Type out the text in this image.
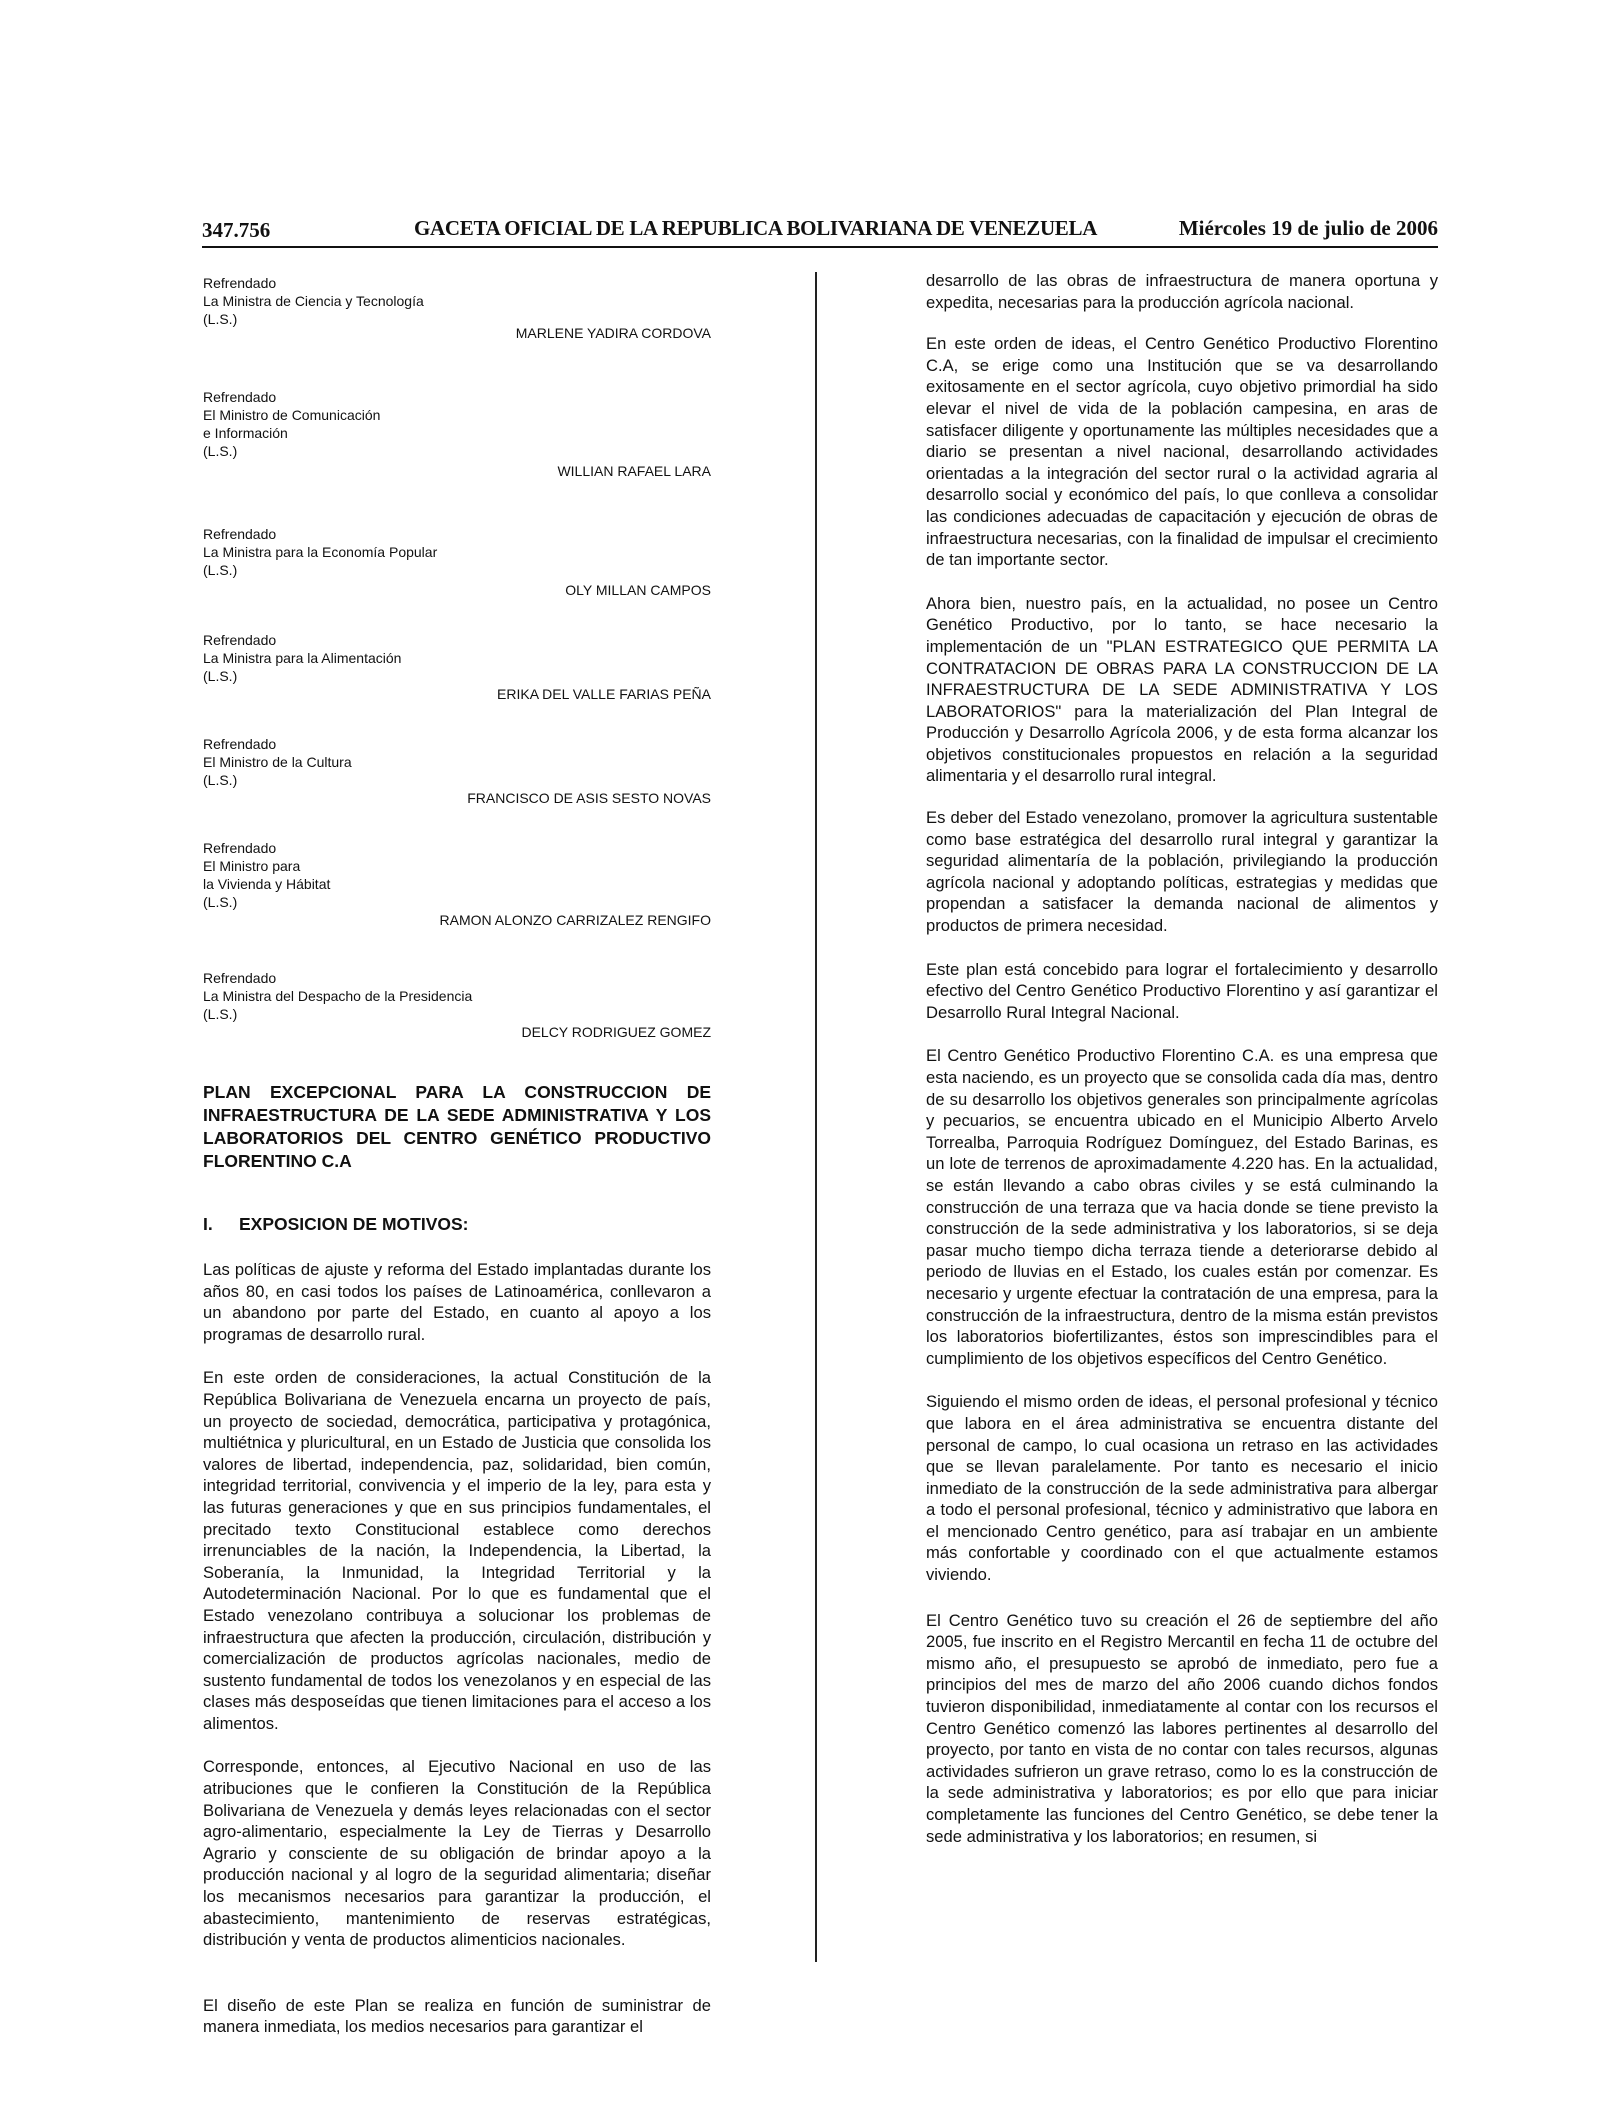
347.756	GACETA OFICIAL DE LA REPUBLICA BOLIVARIANA DE VENEZUELA	Miércoles 19 de julio de 2006
Refrendado
La Ministra de Ciencia y Tecnología
(L.S.)
MARLENE YADIRA CORDOVA
Refrendado
El Ministro de Comunicación
e Información
(L.S.)
WILLIAN RAFAEL LARA
Refrendado
La Ministra para la Economía Popular
(L.S.)
OLY MILLAN CAMPOS
Refrendado
La Ministra para la Alimentación
(L.S.)
ERIKA DEL VALLE FARIAS PEÑA
Refrendado
El Ministro de la Cultura
(L.S.)
FRANCISCO DE ASIS SESTO NOVAS
Refrendado
El Ministro para
la Vivienda y Hábitat
(L.S.)
RAMON ALONZO CARRIZALEZ RENGIFO
Refrendado
La Ministra del Despacho de la Presidencia
(L.S.)
DELCY RODRIGUEZ GOMEZ
PLAN EXCEPCIONAL PARA LA CONSTRUCCION DE INFRAESTRUCTURA DE LA SEDE ADMINISTRATIVA Y LOS LABORATORIOS DEL CENTRO GENÉTICO PRODUCTIVO FLORENTINO C.A
I. EXPOSICION DE MOTIVOS:
Las políticas de ajuste y reforma del Estado implantadas durante los años 80, en casi todos los países de Latinoamérica, conllevaron a un abandono por parte del Estado, en cuanto al apoyo a los programas de desarrollo rural.
En este orden de consideraciones, la actual Constitución de la República Bolivariana de Venezuela encarna un proyecto de país, un proyecto de sociedad, democrática, participativa y protagónica, multiétnica y pluricultural, en un Estado de Justicia que consolida los valores de libertad, independencia, paz, solidaridad, bien común, integridad territorial, convivencia y el imperio de la ley, para esta y las futuras generaciones y que en sus principios fundamentales, el precitado texto Constitucional establece como derechos irrenunciables de la nación, la Independencia, la Libertad, la Soberanía, la Inmunidad, la Integridad Territorial y la Autodeterminación Nacional. Por lo que es fundamental que el Estado venezolano contribuya a solucionar los problemas de infraestructura que afecten la producción, circulación, distribución y comercialización de productos agrícolas nacionales, medio de sustento fundamental de todos los venezolanos y en especial de las clases más desposeídas que tienen limitaciones para el acceso a los alimentos.
Corresponde, entonces, al Ejecutivo Nacional en uso de las atribuciones que le confieren la Constitución de la República Bolivariana de Venezuela y demás leyes relacionadas con el sector agro-alimentario, especialmente la Ley de Tierras y Desarrollo Agrario y consciente de su obligación de brindar apoyo a la producción nacional y al logro de la seguridad alimentaria; diseñar los mecanismos necesarios para garantizar la producción, el abastecimiento, mantenimiento de reservas estratégicas, distribución y venta de productos alimenticios nacionales.
El diseño de este Plan se realiza en función de suministrar de manera inmediata, los medios necesarios para garantizar el
desarrollo de las obras de infraestructura de manera oportuna y expedita, necesarias para la producción agrícola nacional.
En este orden de ideas, el Centro Genético Productivo Florentino C.A, se erige como una Institución que se va desarrollando exitosamente en el sector agrícola, cuyo objetivo primordial ha sido elevar el nivel de vida de la población campesina, en aras de satisfacer diligente y oportunamente las múltiples necesidades que a diario se presentan a nivel nacional, desarrollando actividades orientadas a la integración del sector rural o la actividad agraria al desarrollo social y económico del país, lo que conlleva a consolidar las condiciones adecuadas de capacitación y ejecución de obras de infraestructura necesarias, con la finalidad de impulsar el crecimiento de tan importante sector.
Ahora bien, nuestro país, en la actualidad, no posee un Centro Genético Productivo, por lo tanto, se hace necesario la implementación de un "PLAN ESTRATEGICO QUE PERMITA LA CONTRATACION DE OBRAS PARA LA CONSTRUCCION DE LA INFRAESTRUCTURA DE LA SEDE ADMINISTRATIVA Y LOS LABORATORIOS" para la materialización del Plan Integral de Producción y Desarrollo Agrícola 2006, y de esta forma alcanzar los objetivos constitucionales propuestos en relación a la seguridad alimentaria y el desarrollo rural integral.
Es deber del Estado venezolano, promover la agricultura sustentable como base estratégica del desarrollo rural integral y garantizar la seguridad alimentaría de la población, privilegiando la producción agrícola nacional y adoptando políticas, estrategias y medidas que propendan a satisfacer la demanda nacional de alimentos y productos de primera necesidad.
Este plan está concebido para lograr el fortalecimiento y desarrollo efectivo del Centro Genético Productivo Florentino y así garantizar el Desarrollo Rural Integral Nacional.
El Centro Genético Productivo Florentino C.A. es una empresa que esta naciendo, es un proyecto que se consolida cada día mas, dentro de su desarrollo los objetivos generales son principalmente agrícolas y pecuarios, se encuentra ubicado en el Municipio Alberto Arvelo Torrealba, Parroquia Rodríguez Domínguez, del Estado Barinas, es un lote de terrenos de aproximadamente 4.220 has. En la actualidad, se están llevando a cabo obras civiles y se está culminando la construcción de una terraza que va hacia donde se tiene previsto la construcción de la sede administrativa y los laboratorios, si se deja pasar mucho tiempo dicha terraza tiende a deteriorarse debido al periodo de lluvias en el Estado, los cuales están por comenzar. Es necesario y urgente efectuar la contratación de una empresa, para la construcción de la infraestructura, dentro de la misma están previstos los laboratorios biofertilizantes, éstos son imprescindibles para el cumplimiento de los objetivos específicos del Centro Genético.
Siguiendo el mismo orden de ideas, el personal profesional y técnico que labora en el área administrativa se encuentra distante del personal de campo, lo cual ocasiona un retraso en las actividades que se llevan paralelamente. Por tanto es necesario el inicio inmediato de la construcción de la sede administrativa para albergar a todo el personal profesional, técnico y administrativo que labora en el mencionado Centro genético, para así trabajar en un ambiente más confortable y coordinado con el que actualmente estamos viviendo.
El Centro Genético tuvo su creación el 26 de septiembre del año 2005, fue inscrito en el Registro Mercantil en fecha 11 de octubre del mismo año, el presupuesto se aprobó de inmediato, pero fue a principios del mes de marzo del año 2006 cuando dichos fondos tuvieron disponibilidad, inmediatamente al contar con los recursos el Centro Genético comenzó las labores pertinentes al desarrollo del proyecto, por tanto en vista de no contar con tales recursos, algunas actividades sufrieron un grave retraso, como lo es la construcción de la sede administrativa y laboratorios; es por ello que para iniciar completamente las funciones del Centro Genético, se debe tener la sede administrativa y los laboratorios; en resumen, si
